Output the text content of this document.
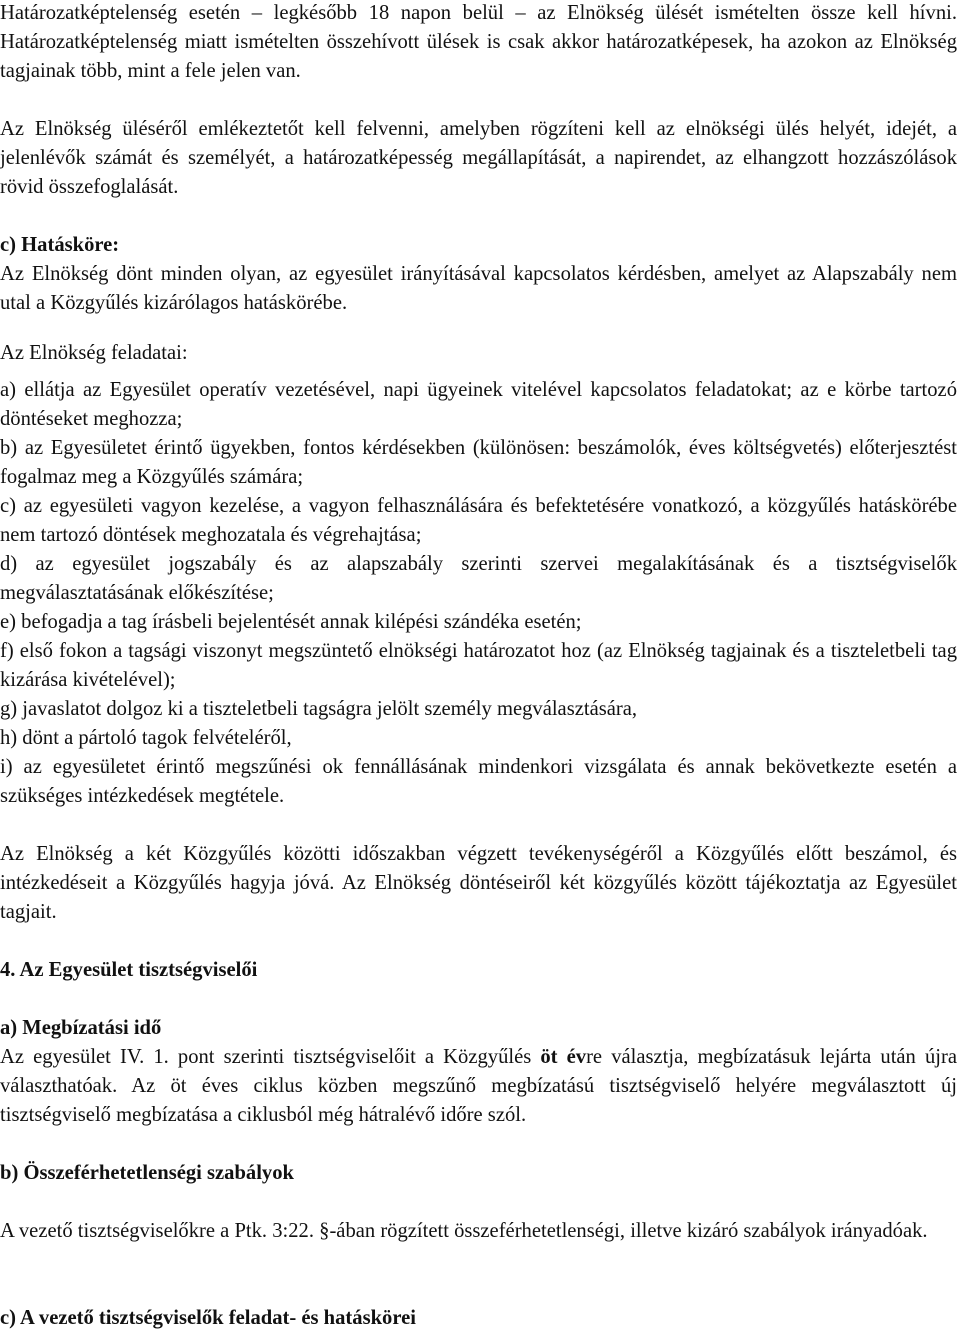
Határozatképtelenség esetén – legkésőbb 18 napon belül – az Elnökség ülését ismételten össze kell hívni. Határozatképtelenség miatt ismételten összehívott ülések is csak akkor határozatképesek, ha azokon az Elnökség tagjainak több, mint a fele jelen van.

Az Elnökség üléséről emlékeztetőt kell felvenni, amelyben rögzíteni kell az elnökségi ülés helyét, idejét, a jelenlévők számát és személyét, a határozatképesség megállapítását, a napirendet, az elhangzott hozzászólások rövid összefoglalását.

c) Hatásköre:

Az Elnökség dönt minden olyan, az egyesület irányításával kapcsolatos kérdésben, amelyet az Alapszabály nem utal a Közgyűlés kizárólagos hatáskörébe.

Az Elnökség feladatai:

a) ellátja az Egyesület operatív vezetésével, napi ügyeinek vitelével kapcsolatos feladatokat; az e körbe tartozó döntéseket meghozza;

b) az Egyesületet érintő ügyekben, fontos kérdésekben (különösen: beszámolók, éves költségvetés) előterjesztést fogalmaz meg a Közgyűlés számára;

c) az egyesületi vagyon kezelése, a vagyon felhasználására és befektetésére vonatkozó, a közgyűlés hatáskörébe nem tartozó döntések meghozatala és végrehajtása;

d) az egyesület jogszabály és az alapszabály szerinti szervei megalakításának és a tisztségviselők megválasztatásának előkészítése;

e) befogadja a tag írásbeli bejelentését annak kilépési szándéka esetén;

f) első fokon a tagsági viszonyt megszüntető elnökségi határozatot hoz (az Elnökség tagjainak és a tiszteletbeli tag kizárása kivételével);

g) javaslatot dolgoz ki a tiszteletbeli tagságra jelölt személy megválasztására,

h) dönt a pártoló tagok felvételéről,

i) az egyesületet érintő megszűnési ok fennállásának mindenkori vizsgálata és annak bekövetkezte esetén a szükséges intézkedések megtétele.

Az Elnökség a két Közgyűlés közötti időszakban végzett tevékenységéről a Közgyűlés előtt beszámol, és intézkedéseit a Közgyűlés hagyja jóvá. Az Elnökség döntéseiről két közgyűlés között tájékoztatja az Egyesület tagjait.

4. Az Egyesület tisztségviselői

a) Megbízatási idő

Az egyesület IV. 1. pont szerinti tisztségviselőit a Közgyűlés öt évre választja, megbízatásuk lejárta után újra választhatóak. Az öt éves ciklus közben megszűnő megbízatású tisztségviselő helyére megválasztott új tisztségviselő megbízatása a ciklusból még hátralévő időre szól.

b) Összeférhetetlenségi szabályok

A vezető tisztségviselőkre a Ptk. 3:22. §-ában rögzített összeférhetetlenségi, illetve kizáró szabályok irányadóak.

c) A vezető tisztségviselők feladat- és hatáskörei
